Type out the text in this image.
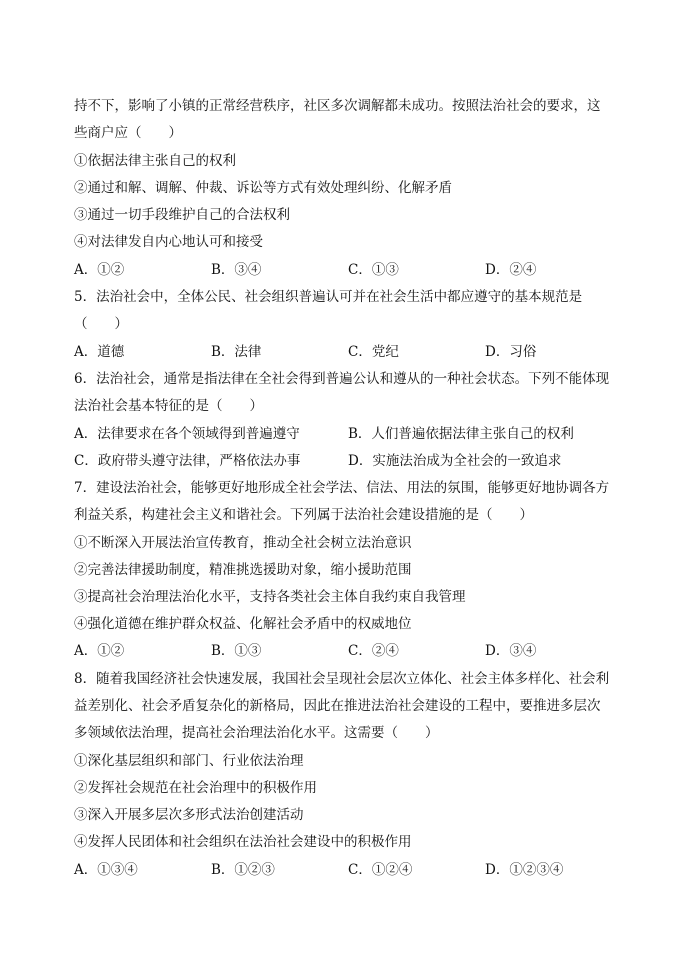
持不下，影响了小镇的正常经营秩序，社区多次调解都未成功。按照法治社会的要求，这
些商户应（　　）
①依据法律主张自己的权利
②通过和解、调解、仲裁、诉讼等方式有效处理纠纷、化解矛盾
③通过一切手段维护自己的合法权利
④对法律发自内心地认可和接受
A．①②	B．③④	C．①③	D．②④
5．法治社会中，全体公民、社会组织普遍认可并在社会生活中都应遵守的基本规范是
（　　）
A．道德	B．法律	C．党纪	D．习俗
6．法治社会，通常是指法律在全社会得到普遍公认和遵从的一种社会状态。下列不能体现
法治社会基本特征的是（　　）
A．法律要求在各个领域得到普遍遵守	B．人们普遍依据法律主张自己的权利
C．政府带头遵守法律，严格依法办事	D．实施法治成为全社会的一致追求
7．建设法治社会，能够更好地形成全社会学法、信法、用法的氛围，能够更好地协调各方
利益关系，构建社会主义和谐社会。下列属于法治社会建设措施的是（　　）
①不断深入开展法治宣传教育，推动全社会树立法治意识
②完善法律援助制度，精准挑选援助对象，缩小援助范围
③提高社会治理法治化水平，支持各类社会主体自我约束自我管理
④强化道德在维护群众权益、化解社会矛盾中的权威地位
A．①②	B．①③	C．②④	D．③④
8．随着我国经济社会快速发展，我国社会呈现社会层次立体化、社会主体多样化、社会利
益差别化、社会矛盾复杂化的新格局，因此在推进法治社会建设的工程中，要推进多层次
多领域依法治理，提高社会治理法治化水平。这需要（　　）
①深化基层组织和部门、行业依法治理
②发挥社会规范在社会治理中的积极作用
③深入开展多层次多形式法治创建活动
④发挥人民团体和社会组织在法治社会建设中的积极作用
A．①③④	B．①②③	C．①②④	D．①②③④
